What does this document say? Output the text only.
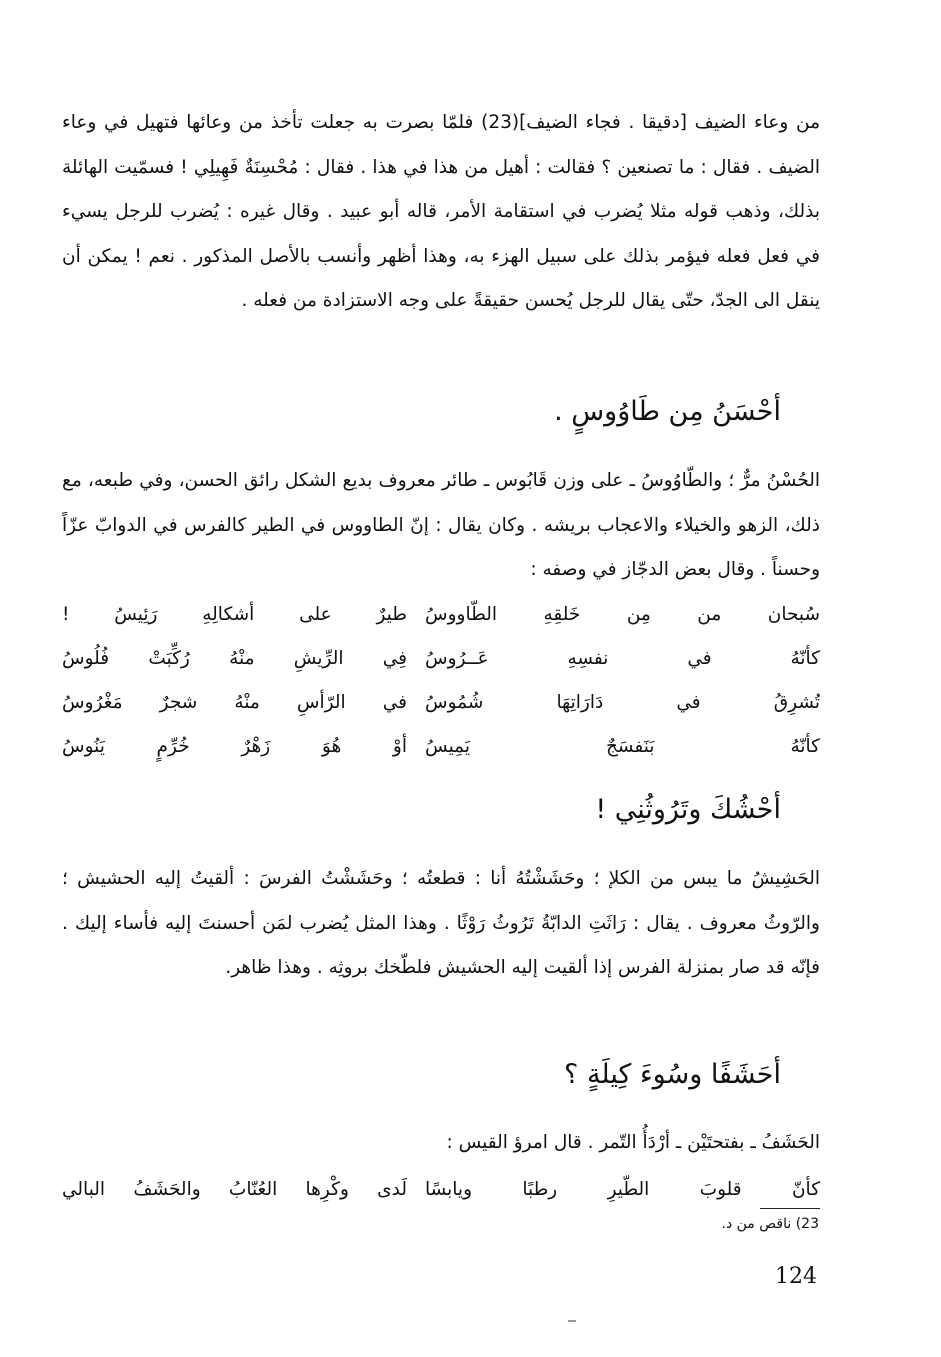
من وعاء الضيف [دقيقا . فجاء الضيف](23) فلمّا بصرت به جعلت تأخذ من وعائها فتهيل في وعاء الضيف . فقال : ما تصنعين ؟ فقالت : أهيل من هذا في هذا . فقال : مُحْسِنَةٌ فَهِيلِي ! فسمّيت الهائلة بذلك، وذهب قوله مثلا يُضرب في استقامة الأمر، قاله أبو عبيد . وقال غيره : يُضرب للرجل يسيء في فعل فعله فيؤمر بذلك على سبيل الهزء به، وهذا أظهر وأنسب بالأصل المذكور . نعم ! يمكن أن ينقل الى الجدّ، حتّى يقال للرجل يُحسن حقيقةً على وجه الاستزادة من فعله .

أحْسَنُ مِن طَاوُوسٍ .

الحُسْنُ مرٌّ ؛ والطّاوُوسُ ـ على وزن قَابُوس ـ طائر معروف بديع الشكل رائق الحسن، وفي طبعه، مع ذلك، الزهو والخيلاء والاعجاب بريشه . وكان يقال : إنّ الطاووس في الطير كالفرس في الدوابّ عزّاً وحسناً . وقال بعض الدجّاز في وصفه :

سُبحان من مِن خَلقِهِ الطّاووسُ
طيرٌ على أشكالِهِ رَئِيسُ !
كأنّهُ في نفسِهِ عَــرُوسُ
فِي الرِّيشِ منْهُ رُكِّبَتْ فُلُوسُ
تُشرِقُ في دَارَاتِهَا شُمُوسُ
في الرّأسِ منْهُ شجرٌ مَغْرُوسُ
كأنّهُ بَنَفسَجٌ يَمِيسُ
أوْ هُوَ زَهْرٌ خُرِّمٍ يَنُوسُ
أحْشُكَ وتَرُوثُنِي !

الحَشِيشُ ما يبس من الكلإ ؛ وحَشَشْتُهُ أنا : قطعتُه ؛ وحَشَشْتُ الفرسَ : ألقيتُ إليه الحشيش ؛ والرّوثُ معروف . يقال : رَاثَتِ الدابّةُ تَرُوثُ رَوْثًا . وهذا المثل يُضرب لمَن أحسنتَ إليه فأساء إليك . فإنّه قد صار بمنزلة الفرس إذا ألقيت إليه الحشيش فلطّخك بروثِه . وهذا ظاهر.

أحَشَفًا وسُوءَ كِيلَةٍ ؟

الحَشَفُ ـ بفتحتَيْن ـ أرْدَأُ التّمر . قال امرؤ القيس :

كأنّ قلوبَ الطّيرِ رطبًا ويابسًا
لَدى وكْرِها العُنّابُ والحَشَفُ البالي
23) ناقص من د.
124
